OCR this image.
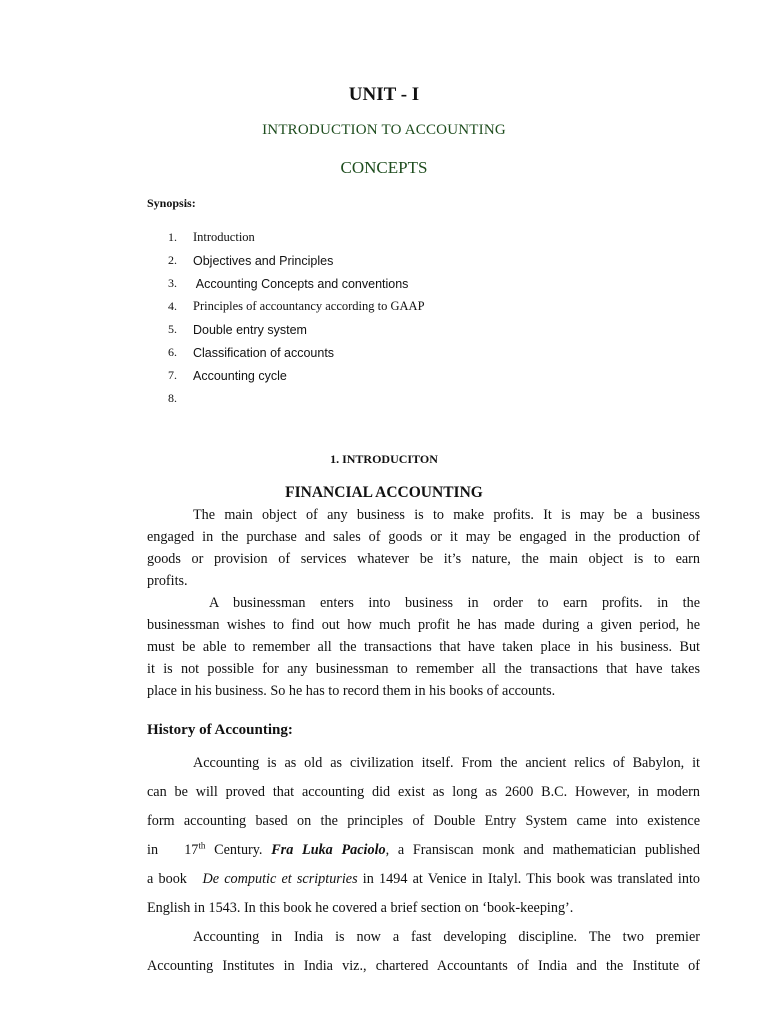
UNIT - I
INTRODUCTION TO ACCOUNTING
CONCEPTS
Synopsis:
1.	Introduction
2.	Objectives and Principles
3.	Accounting Concepts and conventions
4.	Principles of accountancy according to GAAP
5.	Double entry system
6.	Classification of accounts
7.	Accounting cycle
8.
1. INTRODUCITON
FINANCIAL ACCOUNTING
The main object of any business is to make profits. It is may be a business
engaged in the purchase and sales of goods or it may be engaged in the production of
goods or provision of services whatever be it’s nature, the main object is to earn
profits.
A businessman enters into business in order to earn profits. in the
businessman wishes to find out how much profit he has made during a given period, he
must be able to remember all the transactions that have taken place in his business. But
it is not possible for any businessman to remember all the transactions that have takes
place in his business. So he has to record them in his books of accounts.
History of Accounting:
Accounting is as old as civilization itself. From the ancient relics of Babylon, it
can be will proved that accounting did exist as long as 2600 B.C. However, in modern
form accounting based on the principles of Double Entry System came into existence
in   17th Century. Fra Luka Paciolo, a Fransiscan monk and mathematician published
a book   De computic et scripturies in 1494 at Venice in Italyl. This book was translated into
English in 1543. In this book he covered a brief section on ‘book-keeping’.
Accounting in India is now a fast developing discipline. The two premier
Accounting Institutes in India viz., chartered Accountants of India and the Institute of
